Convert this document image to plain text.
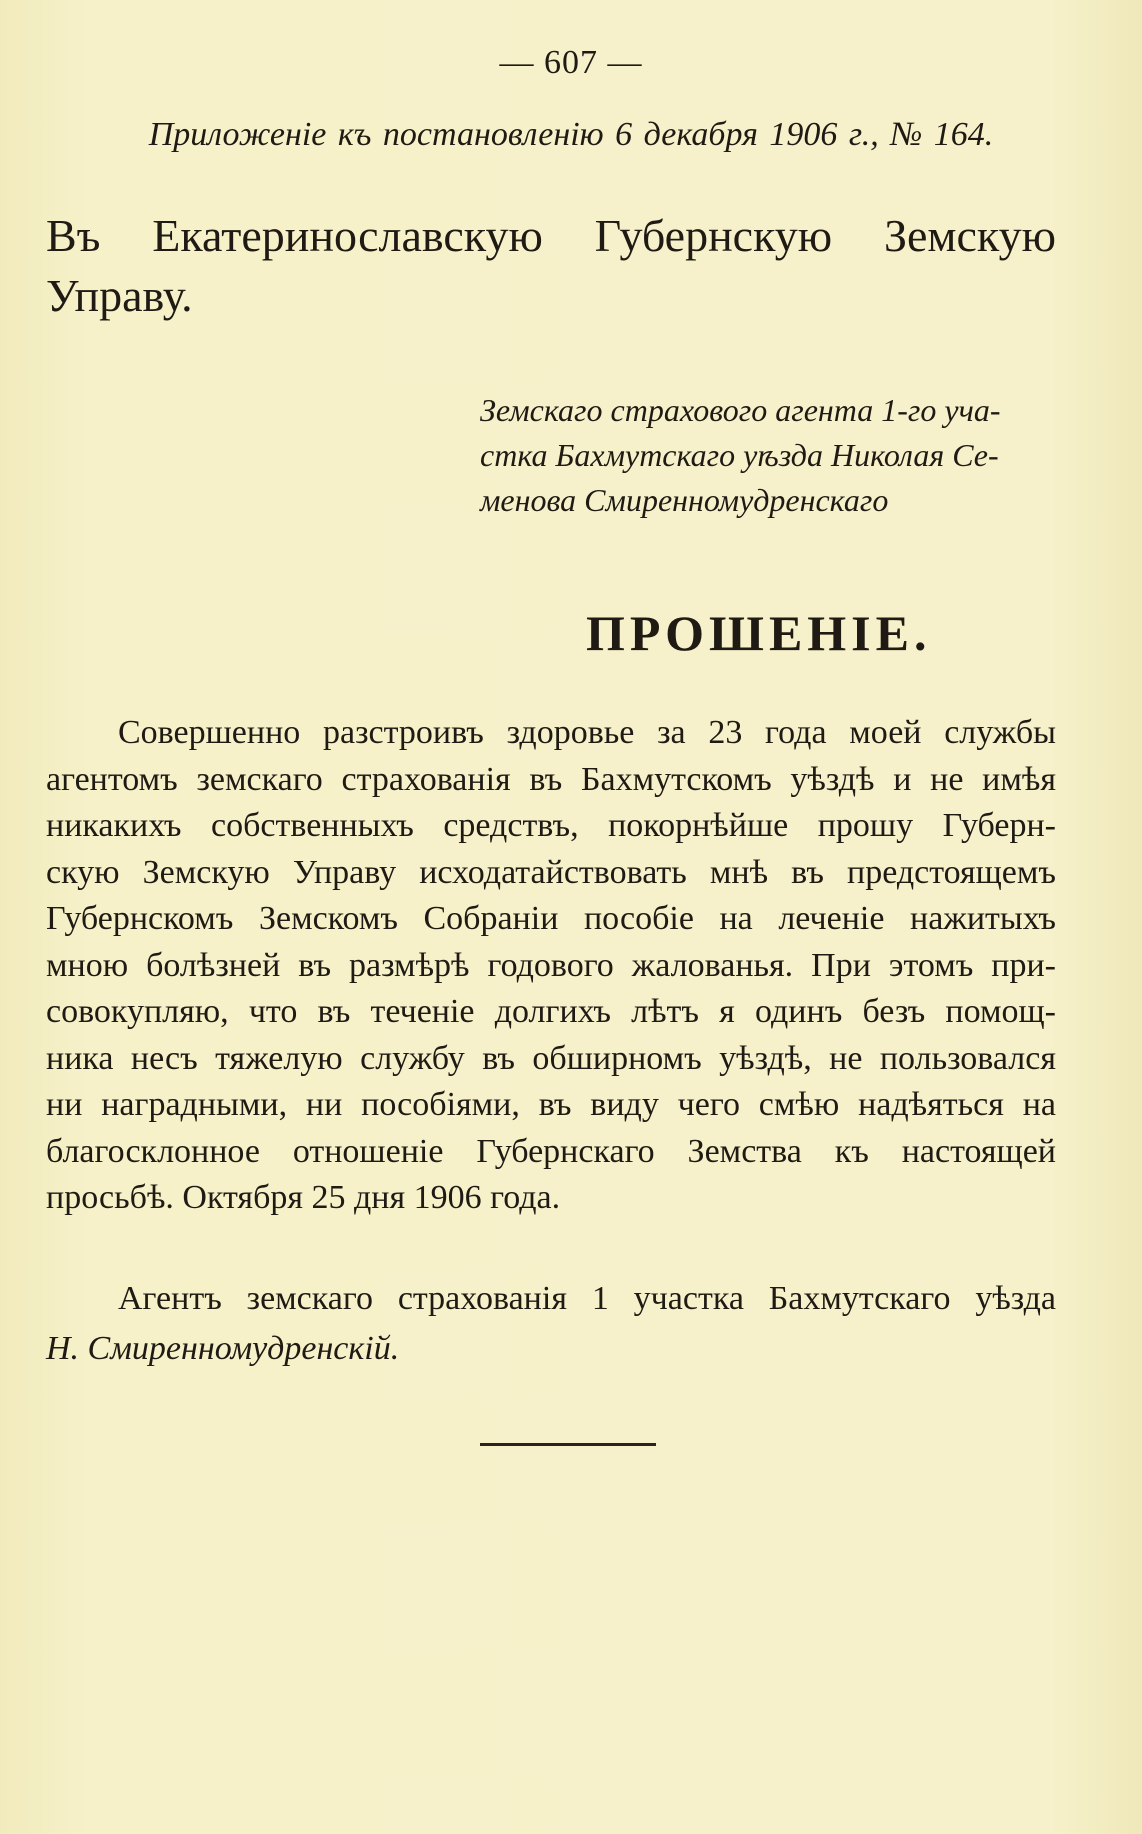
— 607 —
Приложеніе къ постановленію 6 декабря 1906 г., № 164.
Въ Екатеринославскую Губернскую Земскую Управу.
Земскаго страхового агента 1-го уча-
стка Бахмутскаго уѣзда Николая Се-
менова Смиренномудренскаго
ПРОШЕНІЕ.
Совершенно разстроивъ здоровье за 23 года моей службы
агентомъ земскаго страхованія въ Бахмутскомъ уѣздѣ и не имѣя
никакихъ собственныхъ средствъ, покорнѣйше прошу Губерн-
скую Земскую Управу исходатайствовать мнѣ въ предстоящемъ
Губернскомъ Земскомъ Собраніи пособіе на леченіе нажитыхъ
мною болѣзней въ размѣрѣ годового жалованья. При этомъ при-
совокупляю, что въ теченіе долгихъ лѣтъ я одинъ безъ помощ-
ника несъ тяжелую службу въ обширномъ уѣздѣ, не пользовался
ни наградными, ни пособіями, въ виду чего смѣю надѣяться на
благосклонное отношеніе Губернскаго Земства къ настоящей
просьбѣ. Октября 25 дня 1906 года.
Агентъ земскаго страхованія 1 участка Бахмутскаго уѣзда
Н. Смиренномудренскій.
